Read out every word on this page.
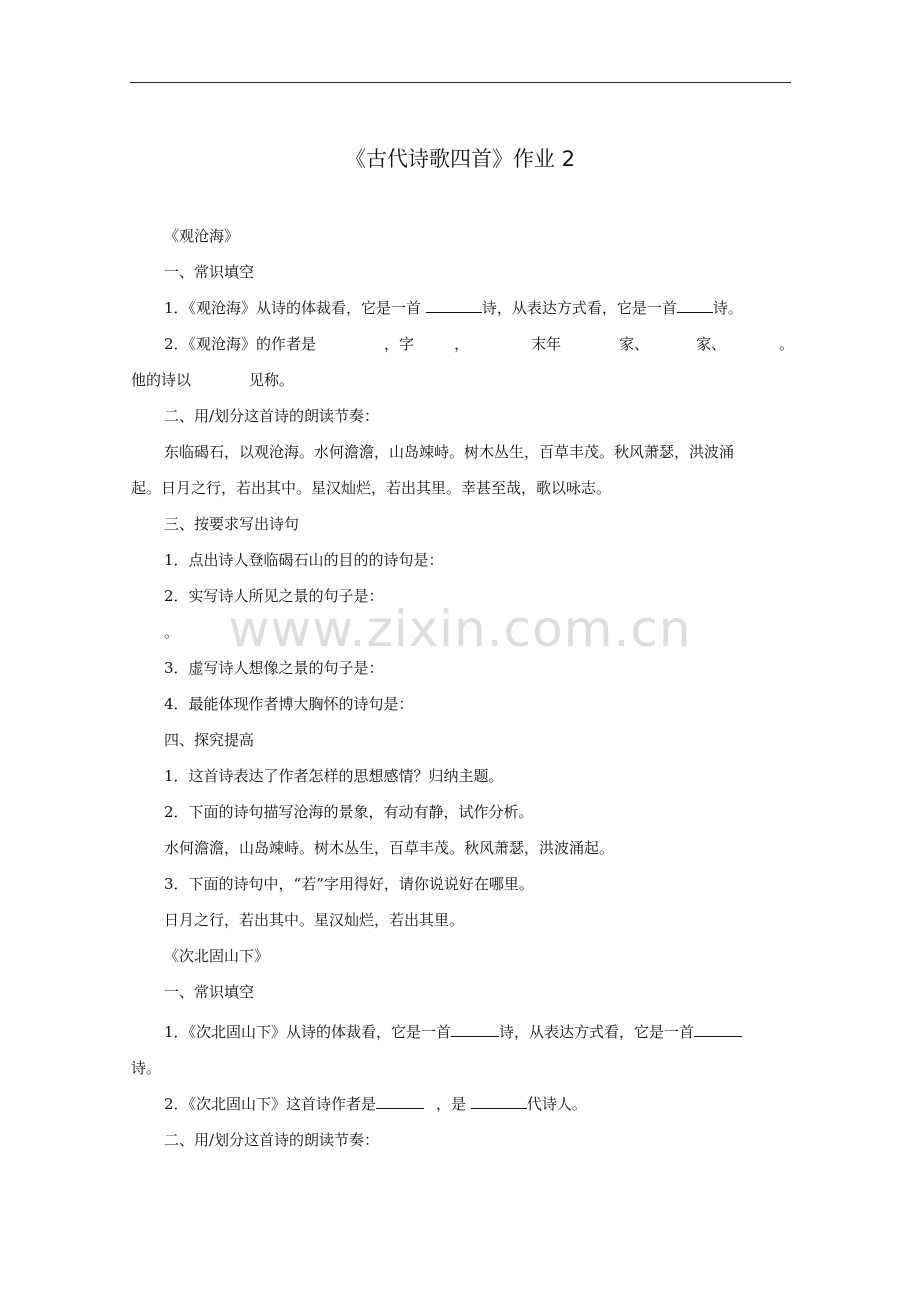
《古代诗歌四首》作业 2
www.zixin.com.cn
《观沧海》
一、常识填空
1．《观沧海》从诗的体裁看，它是一首	诗，从表达方式看，它是一首 诗。
2．《观沧海》的作者是	，字	，	末年	家、	家、	。
他的诗以	见称。
二、用/划分这首诗的朗读节奏：
东临碣石，以观沧海。水何澹澹，山岛竦峙。树木丛生，百草丰茂。秋风萧瑟，洪波涌
起。日月之行，若出其中。星汉灿烂，若出其里。幸甚至哉，歌以咏志。
三、按要求写出诗句
1．点出诗人登临碣石山的目的的诗句是：
2．实写诗人所见之景的句子是：
。
3．虚写诗人想像之景的句子是：
4．最能体现作者博大胸怀的诗句是：
四、探究提高
1．这首诗表达了作者怎样的思想感情？归纳主题。
2．下面的诗句描写沧海的景象，有动有静，试作分析。
水何澹澹，山岛竦峙。树木丛生，百草丰茂。秋风萧瑟，洪波涌起。
3．下面的诗句中，“若”字用得好，请你说说好在哪里。
日月之行，若出其中。星汉灿烂，若出其里。
《次北固山下》
一、常识填空
1．《次北固山下》从诗的体裁看，它是一首	诗，从表达方式看，它是一首
诗。
2．《次北固山下》这首诗作者是	，是	代诗人。
二、用/划分这首诗的朗读节奏：
